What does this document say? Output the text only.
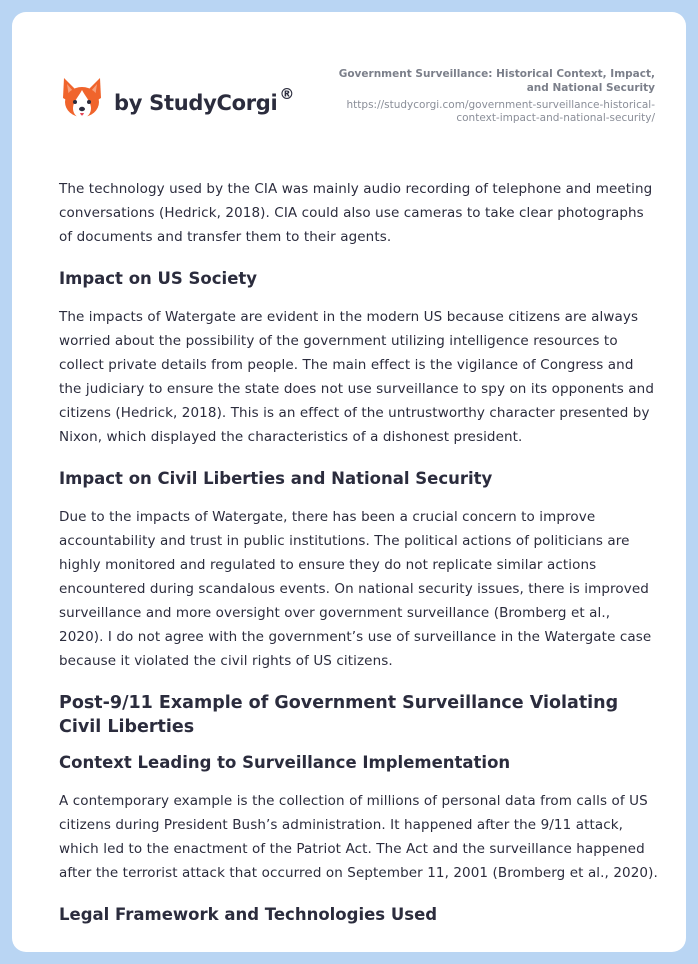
by StudyCorgi ®
Government Surveillance: Historical Context, Impact, and National Security
https://studycorgi.com/government-surveillance-historical-context-impact-and-national-security/

The technology used by the CIA was mainly audio recording of telephone and meeting conversations (Hedrick, 2018). CIA could also use cameras to take clear photographs of documents and transfer them to their agents.

Impact on US Society

The impacts of Watergate are evident in the modern US because citizens are always worried about the possibility of the government utilizing intelligence resources to collect private details from people. The main effect is the vigilance of Congress and the judiciary to ensure the state does not use surveillance to spy on its opponents and citizens (Hedrick, 2018). This is an effect of the untrustworthy character presented by Nixon, which displayed the characteristics of a dishonest president.

Impact on Civil Liberties and National Security

Due to the impacts of Watergate, there has been a crucial concern to improve accountability and trust in public institutions. The political actions of politicians are highly monitored and regulated to ensure they do not replicate similar actions encountered during scandalous events. On national security issues, there is improved surveillance and more oversight over government surveillance (Bromberg et al., 2020). I do not agree with the government’s use of surveillance in the Watergate case because it violated the civil rights of US citizens.

Post-9/11 Example of Government Surveillance Violating Civil Liberties
Context Leading to Surveillance Implementation

A contemporary example is the collection of millions of personal data from calls of US citizens during President Bush’s administration. It happened after the 9/11 attack, which led to the enactment of the Patriot Act. The Act and the surveillance happened after the terrorist attack that occurred on September 11, 2001 (Bromberg et al., 2020).

Legal Framework and Technologies Used
